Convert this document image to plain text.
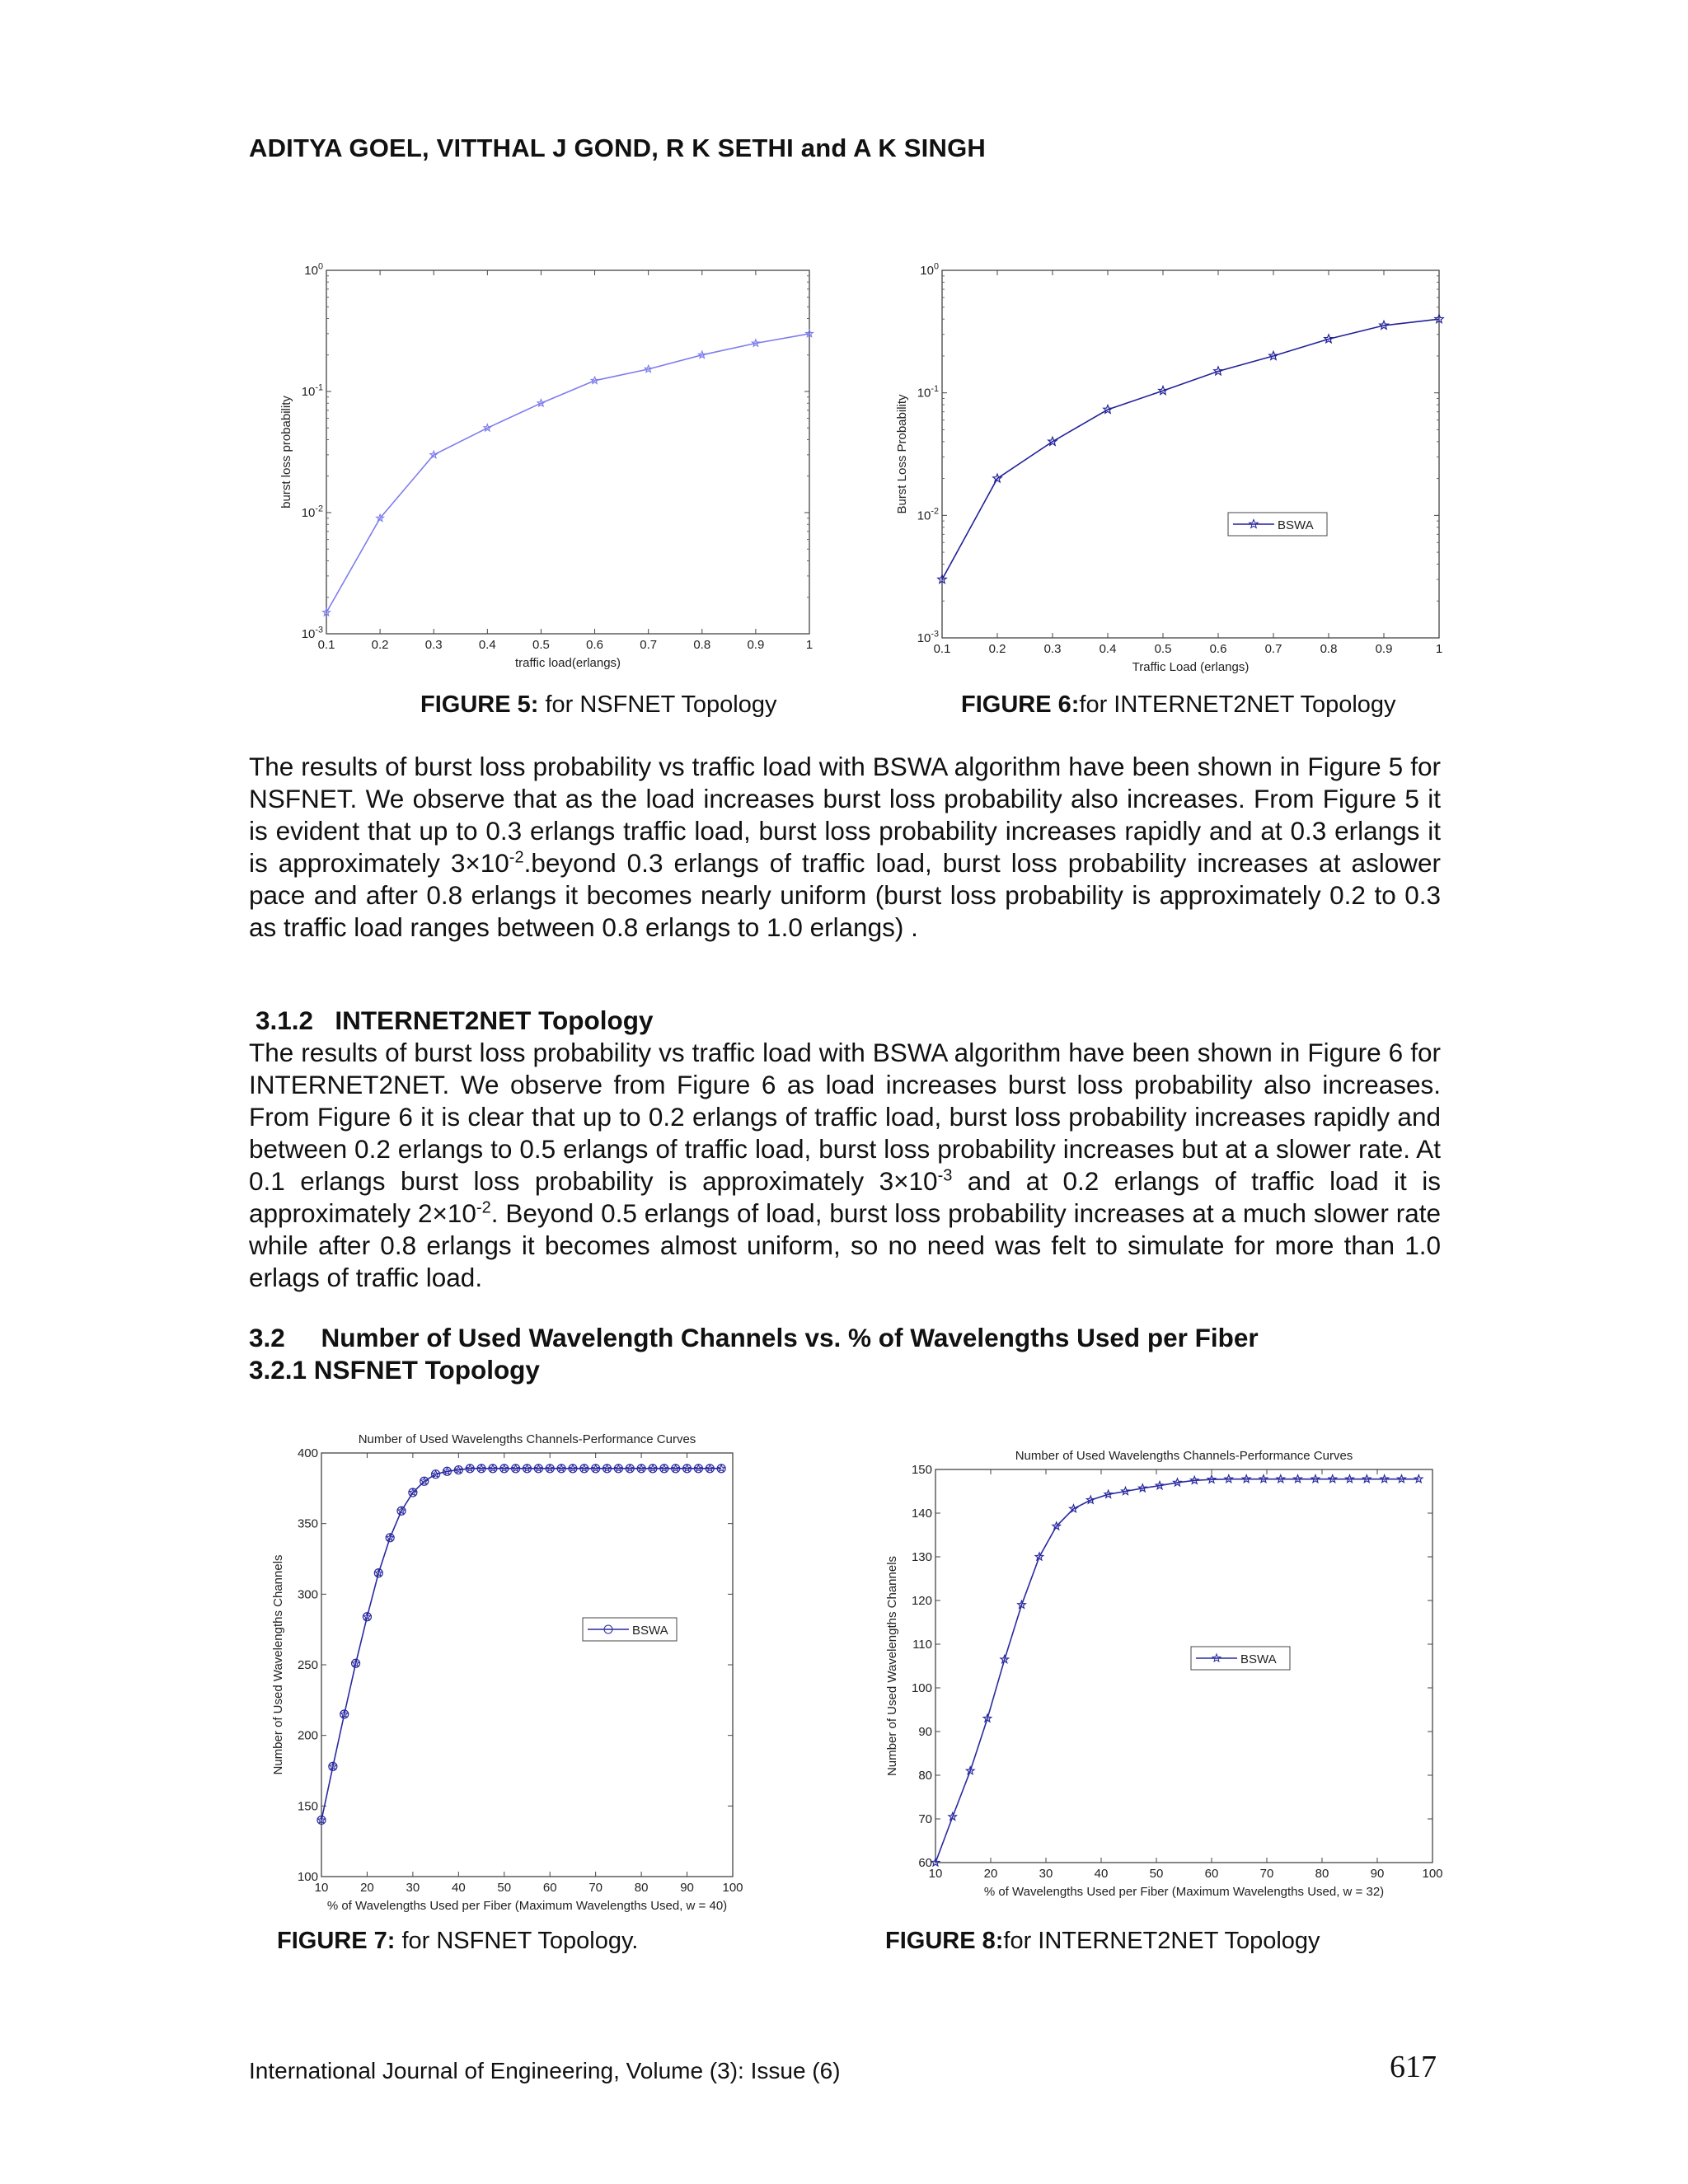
ADITYA GOEL, VITTHAL J GOND, R K SETHI and A K SINGH
0.1	0.2	0.3	0.4	0.5	0.6	0.7	0.8	0.9	1
$10^0$
$10^{-1}$
$10^{-2}$
$10^{-3}$
traffic load(erlangs)
burst loss probability
FIGURE 5: for NSFNET Topology
0.1	0.2	0.3	0.4	0.5	0.6	0.7	0.8	0.9	1
$10^0$
$10^{-1}$
$10^{-2}$
$10^{-3}$
Traffic Load (erlangs)
Burst Loss Probability
BSWA
FIGURE 6:for INTERNET2NET Topology
The results of burst loss probability vs traffic load with BSWA algorithm have been shown in Figure 5 for NSFNET. We observe that as the load increases burst loss probability also increases. From Figure 5 it is evident that up to 0.3 erlangs traffic load, burst loss probability increases rapidly and at 0.3 erlangs it is approximately $3\times 10^{-2}.beyond$ 0.3 erlangs of traffic load, burst loss probability increases at aslower pace and after 0.8 erlangs it becomes nearly uniform (burst loss probability is approximately 0.2 to 0.3 as traffic load ranges between 0.8 erlangs to 1.0 erlangs) .
3.1.2   INTERNET2NET Topology
The results of burst loss probability vs traffic load with BSWA algorithm have been shown in Figure 6 for INTERNET2NET. We observe from Figure 6 as load increases burst loss probability also increases. From Figure 6 it is clear that up to 0.2 erlangs of traffic load, burst loss probability increases rapidly and between 0.2 erlangs to 0.5 erlangs of traffic load, burst loss probability increases but at a slower rate. At 0.1 erlangs burst loss probability is approximately $3\times 10^{-3}$ and at 0.2 erlangs of traffic load it is approximately $2\times 10^{-2}$. Beyond 0.5 erlangs of load, burst loss probability increases at a much slower rate while after 0.8 erlangs it becomes almost uniform, so no need was felt to simulate for more than 1.0 erlags of traffic load.
3.2     Number of Used Wavelength Channels vs. % of Wavelengths Used per Fiber
3.2.1 NSFNET Topology
10	20	30	40	50	60	70	80	90 100
100
150
200
250
300
350
400
% of Wavelengths Used per Fiber (Maximum Wavelengths Used, w = 40)
Number of Used Wavelengths Channels
Number of Used Wavelengths Channels-Performance Curves
BSWA
FIGURE 7: for NSFNET Topology.
10	20	30	40	50	60	70	80	90	100
60
70
80
90
100
110
120
130
140
150
% of Wavelengths Used per Fiber (Maximum Wavelengths Used, w = 32)
Number of Used Wavelengths Channels
Number of Used Wavelengths Channels-Performance Curves
BSWA
FIGURE 8:for INTERNET2NET Topology
International Journal of Engineering, Volume (3): Issue (6)	617
